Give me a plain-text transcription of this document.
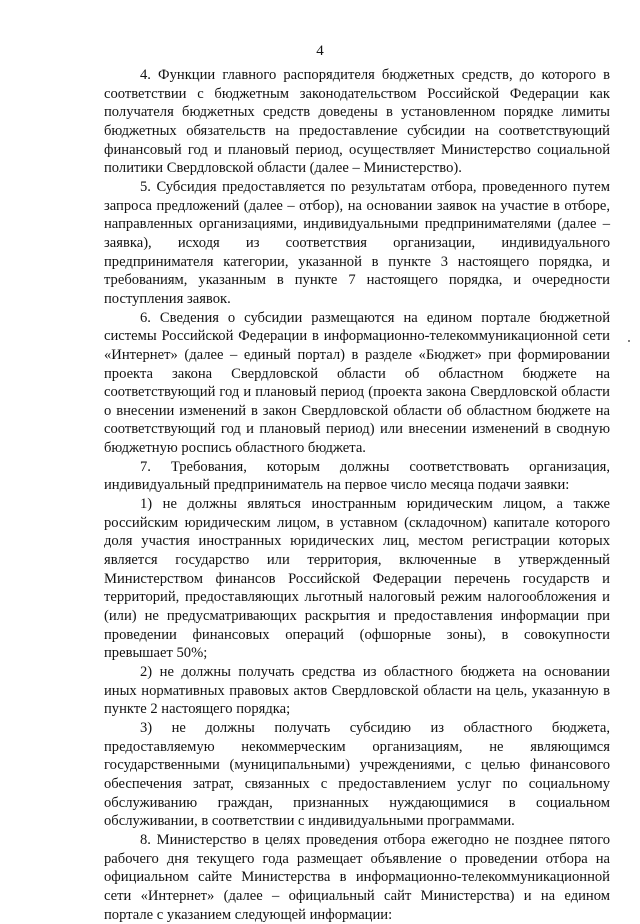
4

4. Функции главного распорядителя бюджетных средств, до которого в соответствии с бюджетным законодательством Российской Федерации как получателя бюджетных средств доведены в установленном порядке лимиты бюджетных обязательств на предоставление субсидии на соответствующий финансовый год и плановый период, осуществляет Министерство социальной политики Свердловской области (далее – Министерство).

5. Субсидия предоставляется по результатам отбора, проведенного путем запроса предложений (далее – отбор), на основании заявок на участие в отборе, направленных организациями, индивидуальными предпринимателями (далее – заявка), исходя из соответствия организации, индивидуального предпринимателя категории, указанной в пункте 3 настоящего порядка, и требованиям, указанным в пункте 7 настоящего порядка, и очередности поступления заявок.

6. Сведения о субсидии размещаются на едином портале бюджетной системы Российской Федерации в информационно-телекоммуникационной сети «Интернет» (далее – единый портал) в разделе «Бюджет» при формировании проекта закона Свердловской области об областном бюджете на соответствующий год и плановый период (проекта закона Свердловской области о внесении изменений в закон Свердловской области об областном бюджете на соответствующий год и плановый период) или внесении изменений в сводную бюджетную роспись областного бюджета.

7. Требования, которым должны соответствовать организация, индивидуальный предприниматель на первое число месяца подачи заявки:

1) не должны являться иностранным юридическим лицом, а также российским юридическим лицом, в уставном (складочном) капитале которого доля участия иностранных юридических лиц, местом регистрации которых является государство или территория, включенные в утвержденный Министерством финансов Российской Федерации перечень государств и территорий, предоставляющих льготный налоговый режим налогообложения и (или) не предусматривающих раскрытия и предоставления информации при проведении финансовых операций (офшорные зоны), в совокупности превышает 50%;

2) не должны получать средства из областного бюджета на основании иных нормативных правовых актов Свердловской области на цель, указанную в пункте 2 настоящего порядка;

3) не должны получать субсидию из областного бюджета, предоставляемую некоммерческим организациям, не являющимся государственными (муниципальными) учреждениями, с целью финансового обеспечения затрат, связанных с предоставлением услуг по социальному обслуживанию граждан, признанных нуждающимися в социальном обслуживании, в соответствии с индивидуальными программами.

8. Министерство в целях проведения отбора ежегодно не позднее пятого рабочего дня текущего года размещает объявление о проведении отбора на официальном сайте Министерства в информационно-телекоммуникационной сети «Интернет» (далее – официальный сайт Министерства) и на едином портале с указанием следующей информации:
